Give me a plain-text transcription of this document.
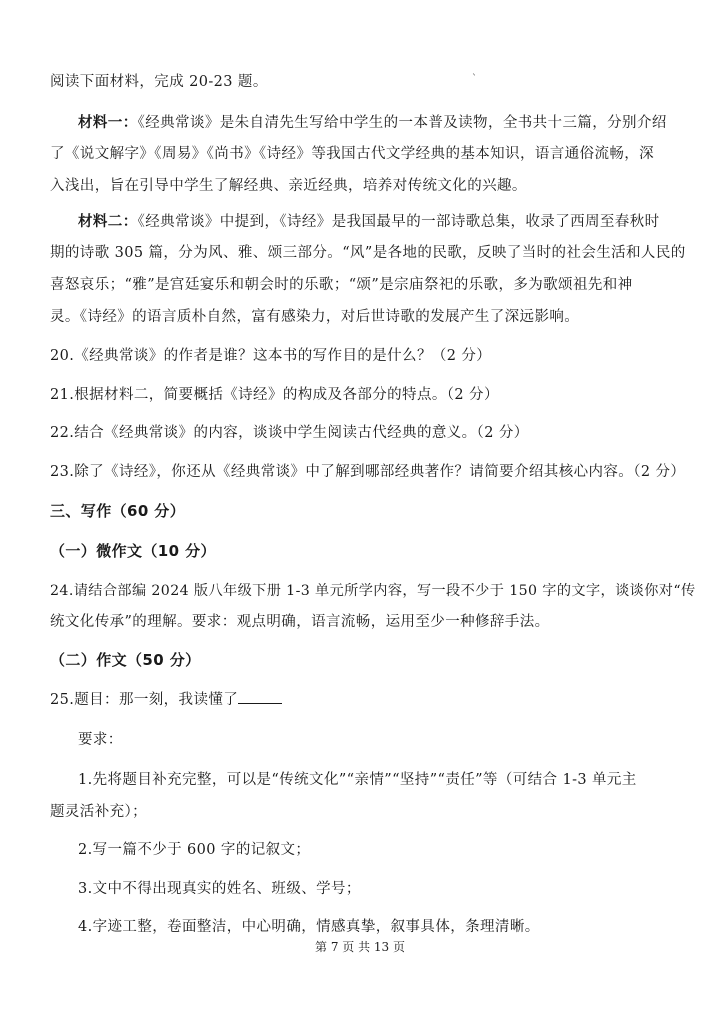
阅读下面材料，完成 20-23 题。	ˋ
材料一：《经典常谈》是朱自清先生写给中学生的一本普及读物，全书共十三篇，分别介绍
了《说文解字》《周易》《尚书》《诗经》等我国古代文学经典的基本知识，语言通俗流畅，深
入浅出，旨在引导中学生了解经典、亲近经典，培养对传统文化的兴趣。
材料二：《经典常谈》中提到，《诗经》是我国最早的一部诗歌总集，收录了西周至春秋时
期的诗歌 305 篇，分为风、雅、颂三部分。“风”是各地的民歌，反映了当时的社会生活和人民的
喜怒哀乐；“雅”是宫廷宴乐和朝会时的乐歌；“颂”是宗庙祭祀的乐歌，多为歌颂祖先和神
灵。《诗经》的语言质朴自然，富有感染力，对后世诗歌的发展产生了深远影响。
20.《经典常谈》的作者是谁？这本书的写作目的是什么？（2 分）
21.根据材料二，简要概括《诗经》的构成及各部分的特点。（2 分）
22.结合《经典常谈》的内容，谈谈中学生阅读古代经典的意义。（2 分）
23.除了《诗经》，你还从《经典常谈》中了解到哪部经典著作？请简要介绍其核心内容。（2 分）
三、写作（60 分）
（一）微作文（10 分）
24.请结合部编 2024 版八年级下册 1-3 单元所学内容，写一段不少于 150 字的文字，谈谈你对“传
统文化传承”的理解。要求：观点明确，语言流畅，运用至少一种修辞手法。
（二）作文（50 分）
25.题目：那一刻，我读懂了
要求：
1.先将题目补充完整，可以是“传统文化”“亲情”“坚持”“责任”等（可结合 1-3 单元主
题灵活补充）；
2.写一篇不少于 600 字的记叙文；
3.文中不得出现真实的姓名、班级、学号；
4.字迹工整，卷面整洁，中心明确，情感真挚，叙事具体，条理清晰。
第 7 页 共 13 页
